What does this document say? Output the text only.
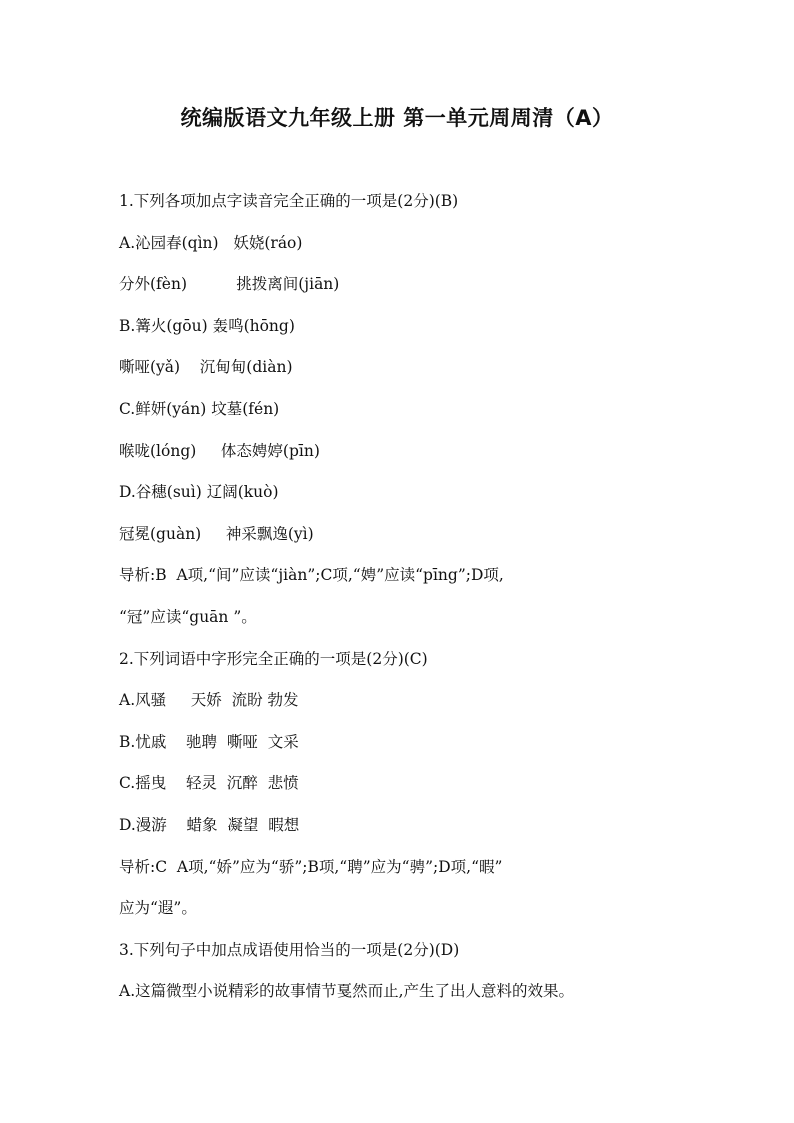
统编版语文九年级上册 第一单元周周清（A）
1.下列各项加点字读音完全正确的一项是(2分)(B)
A.沁园春(qìn)   妖娆(ráo)
分外(fèn)          挑拨离间(jiān)
B.篝火(gōu) 轰鸣(hōng)
嘶哑(yǎ)    沉甸甸(diàn)
C.鲜妍(yán) 坟墓(fén)
喉咙(lóng)     体态娉婷(pīn)
D.谷穗(suì) 辽阔(kuò)
冠冕(guàn)     神采飘逸(yì)
导析:B  A项,“间”应读“jiàn”;C项,“娉”应读“pīng”;D项,
“冠”应读“guān ”。
2.下列词语中字形完全正确的一项是(2分)(C)
A.风骚     天娇  流盼 勃发
B.忧戚    驰聘  嘶哑  文采
C.摇曳    轻灵  沉醉  悲愤
D.漫游    蜡象  凝望  暇想
导析:C  A项,“娇”应为“骄”;B项,“聘”应为“骋”;D项,“暇”
应为“遐”。
3.下列句子中加点成语使用恰当的一项是(2分)(D)
A.这篇微型小说精彩的故事情节戛然而止,产生了出人意料的效果。
